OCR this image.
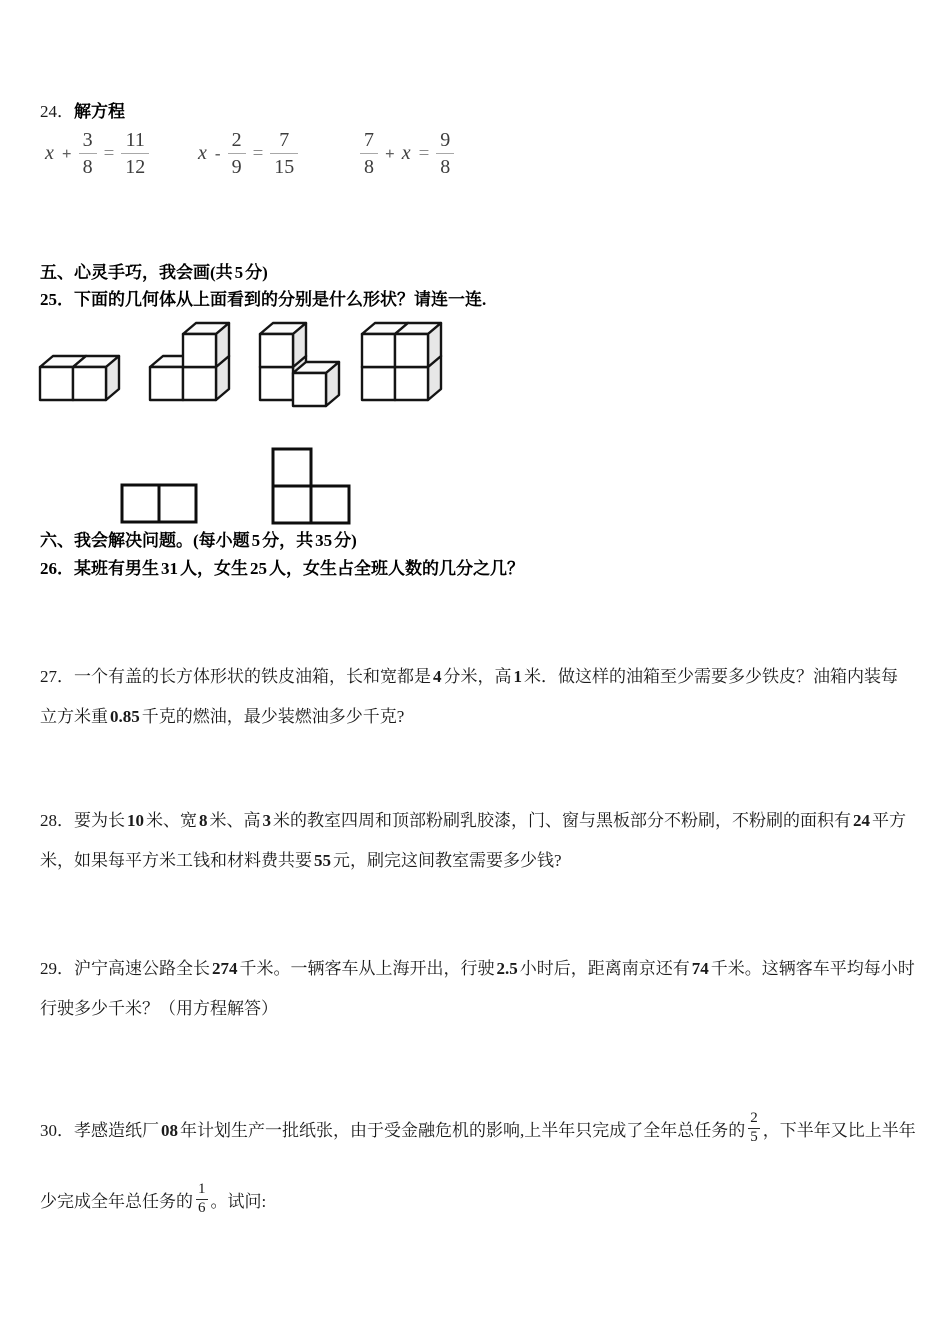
24．解方程
$x + \frac{3}{8} = \frac{11}{12}$ $x - \frac{2}{9} = \frac{7}{15}$	$\frac{7}{8} + x = \frac{9}{8}$
五、心灵手巧，我会画(共 5 分)
25．下面的几何体从上面看到的分别是什么形状？请连一连.
六、我会解决问题。(每小题 5 分，共 35 分)
26．某班有男生 31 人，女生 25 人，女生占全班人数的几分之几？
27．一个有盖的长方体形状的铁皮油箱，长和宽都是 4 分米，高 1 米．做这样的油箱至少需要多少铁皮？油箱内装每
立方米重 0.85 千克的燃油，最少装燃油多少千克?
28．要为长 10 米、宽 8 米、高 3 米的教室四周和顶部粉刷乳胶漆，门、窗与黑板部分不粉刷，不粉刷的面积有 24 平方
米，如果每平方米工钱和材料费共要 55 元，刷完这间教室需要多少钱?
29．沪宁高速公路全长 274 千米。一辆客车从上海开出，行驶 2.5 小时后，距离南京还有 74 千米。这辆客车平均每小时
行驶多少千米？（用方程解答）
30．孝感造纸厂 08 年计划生产一批纸张，由于受金融危机的影响,上半年只完成了全年总任务的 $\frac{2}{5}$ ，下半年又比上半年
少完成全年总任务的 $\frac{1}{6}$ 。试问:
